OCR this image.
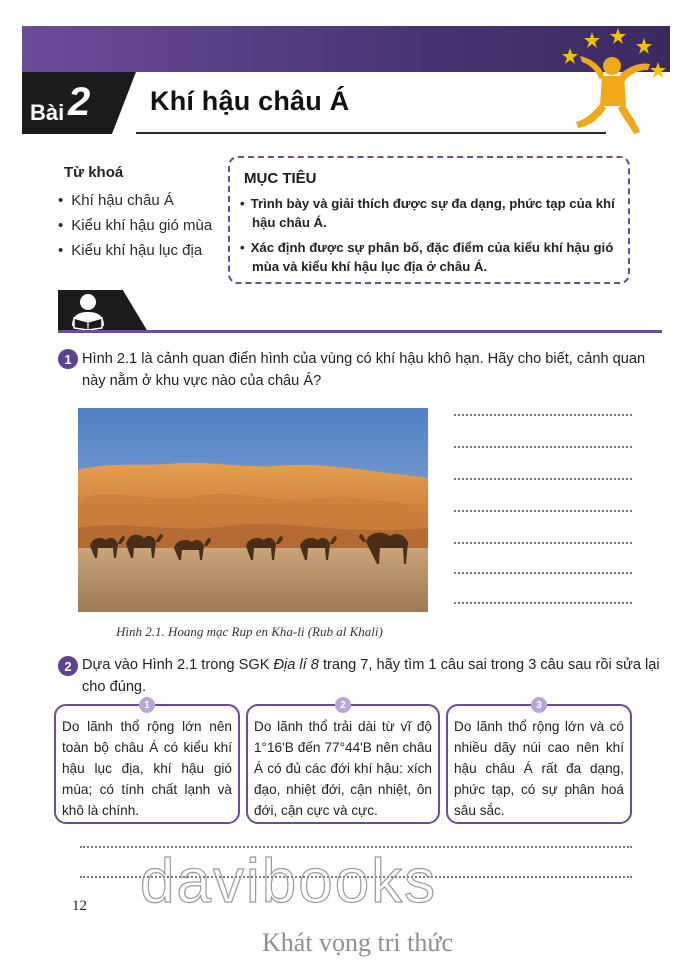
Bài 2 Khí hậu châu Á
Từ khoá
• Khí hậu châu Á
• Kiểu khí hậu gió mùa
• Kiểu khí hậu lục địa
MỤC TIÊU
• Trình bày và giải thích được sự đa dạng, phức tạp của khí hậu châu Á.
• Xác định được sự phân bố, đặc điểm của kiểu khí hậu gió mùa và kiểu khí hậu lục địa ở châu Á.
1 Hình 2.1 là cảnh quan điển hình của vùng có khí hậu khô hạn. Hãy cho biết, cảnh quan này nằm ở khu vực nào của châu Á?
Hình 2.1. Hoang mạc Rup en Kha-li (Rub al Khali)
2 Dựa vào Hình 2.1 trong SGK Địa lí 8 trang 7, hãy tìm 1 câu sai trong 3 câu sau rồi sửa lại cho đúng.
1
Do lãnh thổ rộng lớn nên toàn bộ châu Á có kiểu khí hậu lục địa, khí hậu gió mùa; có tính chất lạnh và khô là chính.
2
Do lãnh thổ trải dài từ vĩ độ 1°16'B đến 77°44'B nên châu Á có đủ các đới khí hậu: xích đạo, nhiệt đới, cận nhiệt, ôn đới, cận cực và cực.
3
Do lãnh thổ rộng lớn và có nhiều dãy núi cao nên khí hậu châu Á rất đa dạng, phức tạp, có sự phân hoá sâu sắc.
12 davibooks
Khát vọng tri thức
